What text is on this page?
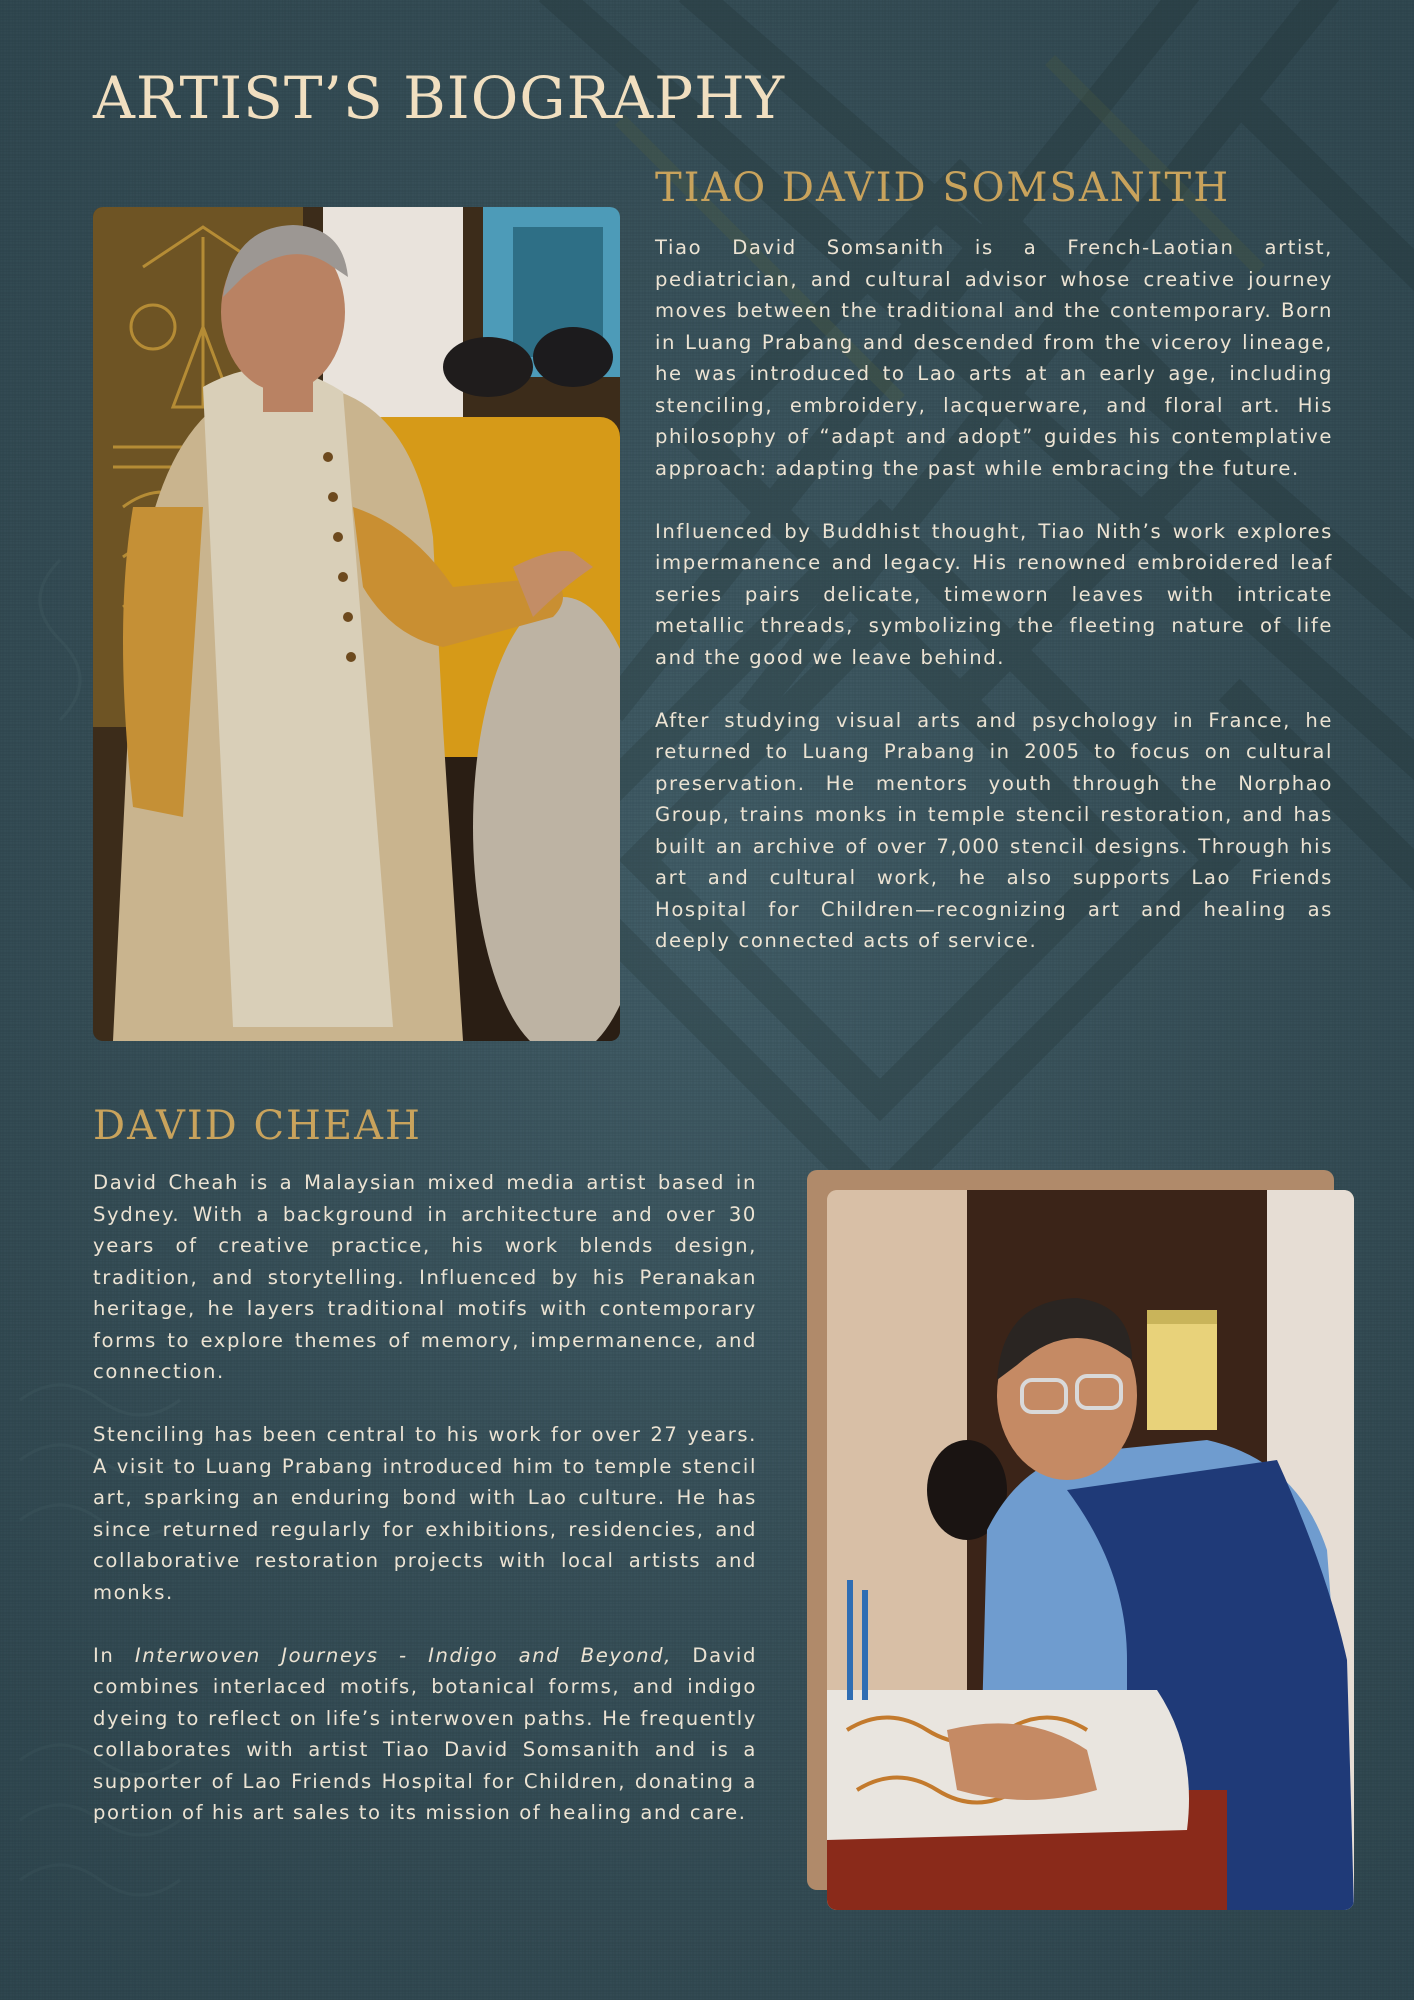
ARTIST’S BIOGRAPHY
TIAO DAVID SOMSANITH

Tiao David Somsanith is a French-Laotian artist, pediatrician, and cultural advisor whose creative journey moves between the traditional and the contemporary. Born in Luang Prabang and descended from the viceroy lineage, he was introduced to Lao arts at an early age, including stenciling, embroidery, lacquerware, and floral art. His philosophy of “adapt and adopt” guides his contemplative approach: adapting the past while embracing the future.

Influenced by Buddhist thought, Tiao Nith’s work explores impermanence and legacy. His renowned embroidered leaf series pairs delicate, timeworn leaves with intricate metallic threads, symbolizing the fleeting nature of life and the good we leave behind.

After studying visual arts and psychology in France, he returned to Luang Prabang in 2005 to focus on cultural preservation. He mentors youth through the Norphao Group, trains monks in temple stencil restoration, and has built an archive of over 7,000 stencil designs. Through his art and cultural work, he also supports Lao Friends Hospital for Children—recognizing art and healing as deeply connected acts of service.

DAVID CHEAH

David Cheah is a Malaysian mixed media artist based in Sydney. With a background in architecture and over 30 years of creative practice, his work blends design, tradition, and storytelling. Influenced by his Peranakan heritage, he layers traditional motifs with contemporary forms to explore themes of memory, impermanence, and connection.

Stenciling has been central to his work for over 27 years. A visit to Luang Prabang introduced him to temple stencil art, sparking an enduring bond with Lao culture. He has since returned regularly for exhibitions, residencies, and collaborative restoration projects with local artists and monks.

In Interwoven Journeys - Indigo and Beyond, David combines interlaced motifs, botanical forms, and indigo dyeing to reflect on life’s interwoven paths. He frequently collaborates with artist Tiao David Somsanith and is a supporter of Lao Friends Hospital for Children, donating a portion of his art sales to its mission of healing and care.
